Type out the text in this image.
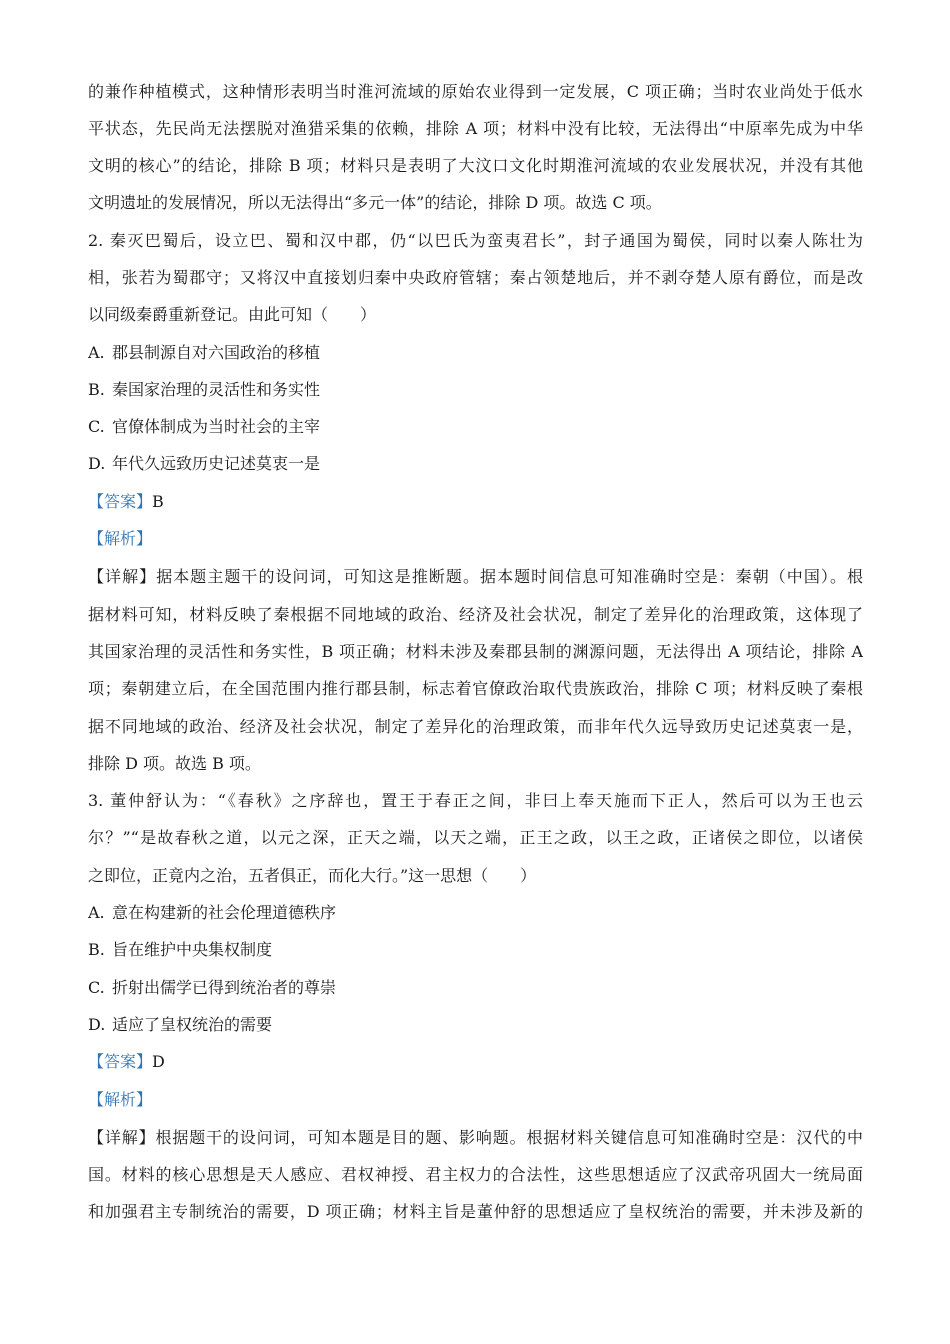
的兼作种植模式，这种情形表明当时淮河流域的原始农业得到一定发展，C 项正确；当时农业尚处于低水
平状态，先民尚无法摆脱对渔猎采集的依赖，排除 A 项；材料中没有比较，无法得出“中原率先成为中华
文明的核心”的结论，排除 B 项；材料只是表明了大汶口文化时期淮河流域的农业发展状况，并没有其他
文明遗址的发展情况，所以无法得出“多元一体”的结论，排除 D 项。故选 C 项。
2. 秦灭巴蜀后，设立巴、蜀和汉中郡，仍“以巴氏为蛮夷君长”，封子通国为蜀侯，同时以秦人陈壮为
相，张若为蜀郡守；又将汉中直接划归秦中央政府管辖；秦占领楚地后，并不剥夺楚人原有爵位，而是改
以同级秦爵重新登记。由此可知（　　）
A. 郡县制源自对六国政治的移植
B. 秦国家治理的灵活性和务实性
C. 官僚体制成为当时社会的主宰
D. 年代久远致历史记述莫衷一是
【答案】B
【解析】
【详解】据本题主题干的设问词，可知这是推断题。据本题时间信息可知准确时空是：秦朝（中国）。根
据材料可知，材料反映了秦根据不同地域的政治、经济及社会状况，制定了差异化的治理政策，这体现了
其国家治理的灵活性和务实性，B 项正确；材料未涉及秦郡县制的渊源问题，无法得出 A 项结论，排除 A
项；秦朝建立后，在全国范围内推行郡县制，标志着官僚政治取代贵族政治，排除 C 项；材料反映了秦根
据不同地域的政治、经济及社会状况，制定了差异化的治理政策，而非年代久远导致历史记述莫衷一是，
排除 D 项。故选 B 项。
3. 董仲舒认为：“《春秋》之序辞也，置王于春正之间，非曰上奉天施而下正人，然后可以为王也云
尔？”“是故春秋之道，以元之深，正天之端，以天之端，正王之政，以王之政，正诸侯之即位，以诸侯
之即位，正竟内之治，五者俱正，而化大行。”这一思想（　　）
A. 意在构建新的社会伦理道德秩序
B. 旨在维护中央集权制度
C. 折射出儒学已得到统治者的尊崇
D. 适应了皇权统治的需要
【答案】D
【解析】
【详解】根据题干的设问词，可知本题是目的题、影响题。根据材料关键信息可知准确时空是：汉代的中
国。材料的核心思想是天人感应、君权神授、君主权力的合法性，这些思想适应了汉武帝巩固大一统局面
和加强君主专制统治的需要，D 项正确；材料主旨是董仲舒的思想适应了皇权统治的需要，并未涉及新的
